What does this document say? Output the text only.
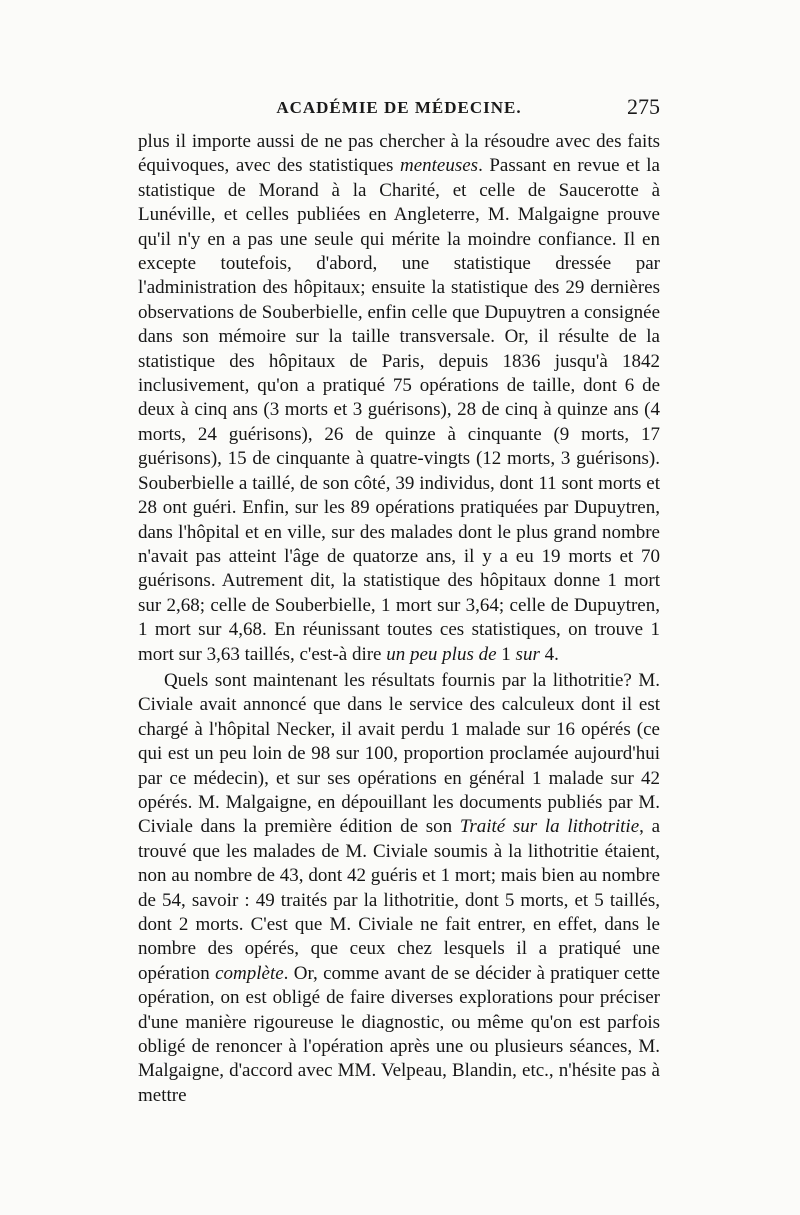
ACADÉMIE DE MÉDECINE.	275

plus il importe aussi de ne pas chercher à la résoudre avec des faits équivoques, avec des statistiques menteuses. Passant en revue et la statistique de Morand à la Charité, et celle de Saucerotte à Lunéville, et celles publiées en Angleterre, M. Malgaigne prouve qu'il n'y en a pas une seule qui mérite la moindre confiance. Il en excepte toutefois, d'abord, une statistique dressée par l'administration des hôpitaux; ensuite la statistique des 29 dernières observations de Souberbielle, enfin celle que Dupuytren a consignée dans son mémoire sur la taille transversale. Or, il résulte de la statistique des hôpitaux de Paris, depuis 1836 jusqu'à 1842 inclusivement, qu'on a pratiqué 75 opérations de taille, dont 6 de deux à cinq ans (3 morts et 3 guérisons), 28 de cinq à quinze ans (4 morts, 24 guérisons), 26 de quinze à cinquante (9 morts, 17 guérisons), 15 de cinquante à quatre-vingts (12 morts, 3 guérisons). Souberbielle a taillé, de son côté, 39 individus, dont 11 sont morts et 28 ont guéri. Enfin, sur les 89 opérations pratiquées par Dupuytren, dans l'hôpital et en ville, sur des malades dont le plus grand nombre n'avait pas atteint l'âge de quatorze ans, il y a eu 19 morts et 70 guérisons. Autrement dit, la statistique des hôpitaux donne 1 mort sur 2,68; celle de Souberbielle, 1 mort sur 3,64; celle de Dupuytren, 1 mort sur 4,68. En réunissant toutes ces statistiques, on trouve 1 mort sur 3,63 taillés, c'est-à dire un peu plus de 1 sur 4.

Quels sont maintenant les résultats fournis par la lithotritie? M. Civiale avait annoncé que dans le service des calculeux dont il est chargé à l'hôpital Necker, il avait perdu 1 malade sur 16 opérés (ce qui est un peu loin de 98 sur 100, proportion proclamée aujourd'hui par ce médecin), et sur ses opérations en général 1 malade sur 42 opérés. M. Malgaigne, en dépouillant les documents publiés par M. Civiale dans la première édition de son Traité sur la lithotritie, a trouvé que les malades de M. Civiale soumis à la lithotritie étaient, non au nombre de 43, dont 42 guéris et 1 mort; mais bien au nombre de 54, savoir : 49 traités par la lithotritie, dont 5 morts, et 5 taillés, dont 2 morts. C'est que M. Civiale ne fait entrer, en effet, dans le nombre des opérés, que ceux chez lesquels il a pratiqué une opération complète. Or, comme avant de se décider à pratiquer cette opération, on est obligé de faire diverses explorations pour préciser d'une manière rigoureuse le diagnostic, ou même qu'on est parfois obligé de renoncer à l'opération après une ou plusieurs séances, M. Malgaigne, d'accord avec MM. Velpeau, Blandin, etc., n'hésite pas à mettre
